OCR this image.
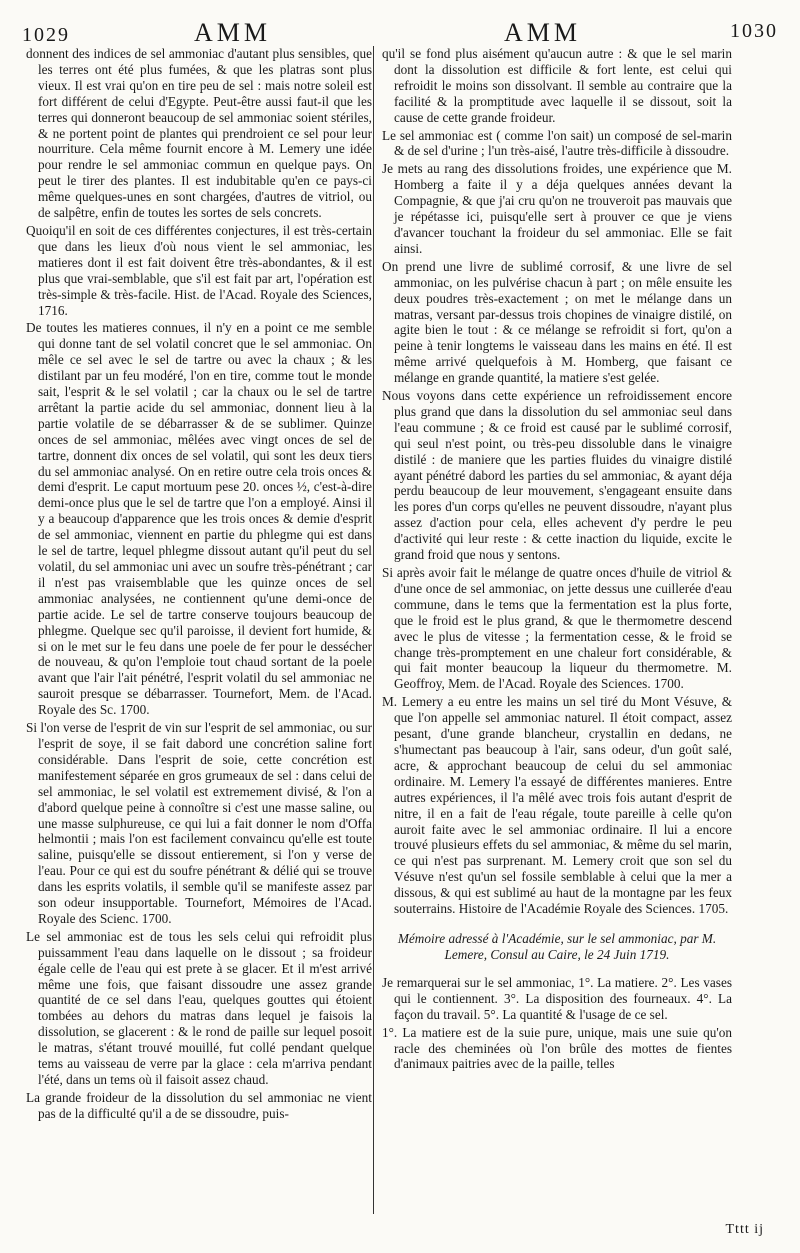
1029	AMM	AMM	1030

donnent des indices de sel ammoniac d'autant plus sensibles, que les terres ont été plus fumées, & que les platras sont plus vieux. Il est vrai qu'on en tire peu de sel : mais notre soleil est fort différent de celui d'Egypte. Peut-être aussi faut-il que les terres qui donneront beaucoup de sel ammoniac soient stériles, & ne portent point de plantes qui prendroient ce sel pour leur nourriture. Cela même fournit encore à M. Lemery une idée pour rendre le sel ammoniac commun en quelque pays. On peut le tirer des plantes. Il est indubitable qu'en ce pays-ci même quelques-unes en sont chargées, d'autres de vitriol, ou de salpêtre, enfin de toutes les sortes de sels concrets.

Quoiqu'il en soit de ces différentes conjectures, il est très-certain que dans les lieux d'où nous vient le sel ammoniac, les matieres dont il est fait doivent être très-abondantes, & il est plus que vrai-semblable, que s'il est fait par art, l'opération est très-simple & très-facile. Hist. de l'Acad. Royale des Sciences, 1716.

De toutes les matieres connues, il n'y en a point ce me semble qui donne tant de sel volatil concret que le sel ammoniac. On mêle ce sel avec le sel de tartre ou avec la chaux ; & les distilant par un feu modéré, l'on en tire, comme tout le monde sait, l'esprit & le sel volatil ; car la chaux ou le sel de tartre arrêtant la partie acide du sel ammoniac, donnent lieu à la partie volatile de se débarrasser & de se sublimer. Quinze onces de sel ammoniac, mêlées avec vingt onces de sel de tartre, donnent dix onces de sel volatil, qui sont les deux tiers du sel ammoniac analysé. On en retire outre cela trois onces & demi d'esprit. Le caput mortuum pese 20. onces ½, c'est-à-dire demi-once plus que le sel de tartre que l'on a employé. Ainsi il y a beaucoup d'apparence que les trois onces & demie d'esprit de sel ammoniac, viennent en partie du phlegme qui est dans le sel de tartre, lequel phlegme dissout autant qu'il peut du sel volatil, du sel ammoniac uni avec un soufre très-pénétrant ; car il n'est pas vraisemblable que les quinze onces de sel ammoniac analysées, ne contiennent qu'une demi-once de partie acide. Le sel de tartre conserve toujours beaucoup de phlegme. Quelque sec qu'il paroisse, il devient fort humide, & si on le met sur le feu dans une poele de fer pour le dessécher de nouveau, & qu'on l'emploie tout chaud sortant de la poele avant que l'air l'ait pénétré, l'esprit volatil du sel ammoniac ne sauroit presque se débarrasser. Tournefort, Mem. de l'Acad. Royale des Sc. 1700.

Si l'on verse de l'esprit de vin sur l'esprit de sel ammoniac, ou sur l'esprit de soye, il se fait dabord une concrétion saline fort considérable. Dans l'esprit de soie, cette concrétion est manifestement séparée en gros grumeaux de sel : dans celui de sel ammoniac, le sel volatil est extremement divisé, & l'on a d'abord quelque peine à connoître si c'est une masse saline, ou une masse sulphureuse, ce qui lui a fait donner le nom d'Offa helmontii ; mais l'on est facilement convaincu qu'elle est toute saline, puisqu'elle se dissout entierement, si l'on y verse de l'eau. Pour ce qui est du soufre pénétrant & délié qui se trouve dans les esprits volatils, il semble qu'il se manifeste assez par son odeur insupportable. Tournefort, Mémoires de l'Acad. Royale des Scienc. 1700.

Le sel ammoniac est de tous les sels celui qui refroidit plus puissamment l'eau dans laquelle on le dissout ; sa froideur égale celle de l'eau qui est prete à se glacer. Et il m'est arrivé même une fois, que faisant dissoudre une assez grande quantité de ce sel dans l'eau, quelques gouttes qui étoient tombées au dehors du matras dans lequel je faisois la dissolution, se glacerent : & le rond de paille sur lequel posoit le matras, s'étant trouvé mouillé, fut collé pendant quelque tems au vaisseau de verre par la glace : cela m'arriva pendant l'été, dans un tems où il faisoit assez chaud.

La grande froideur de la dissolution du sel ammoniac ne vient pas de la difficulté qu'il a de se dissoudre, puis-

qu'il se fond plus aisément qu'aucun autre : & que le sel marin dont la dissolution est difficile & fort lente, est celui qui refroidit le moins son dissolvant. Il semble au contraire que la facilité & la promptitude avec laquelle il se dissout, soit la cause de cette grande froideur.

Le sel ammoniac est ( comme l'on sait) un composé de sel-marin & de sel d'urine ; l'un très-aisé, l'autre très-difficile à dissoudre.

Je mets au rang des dissolutions froides, une expérience que M. Homberg a faite il y a déja quelques années devant la Compagnie, & que j'ai cru qu'on ne trouveroit pas mauvais que je répétasse ici, puisqu'elle sert à prouver ce que je viens d'avancer touchant la froideur du sel ammoniac. Elle se fait ainsi.

On prend une livre de sublimé corrosif, & une livre de sel ammoniac, on les pulvérise chacun à part ; on mêle ensuite les deux poudres très-exactement ; on met le mélange dans un matras, versant par-dessus trois chopines de vinaigre distilé, on agite bien le tout : & ce mélange se refroidit si fort, qu'on a peine à tenir longtems le vaisseau dans les mains en été. Il est même arrivé quelquefois à M. Homberg, que faisant ce mélange en grande quantité, la matiere s'est gelée.

Nous voyons dans cette expérience un refroidissement encore plus grand que dans la dissolution du sel ammoniac seul dans l'eau commune ; & ce froid est causé par le sublimé corrosif, qui seul n'est point, ou très-peu dissoluble dans le vinaigre distilé : de maniere que les parties fluides du vinaigre distilé ayant pénétré dabord les parties du sel ammoniac, & ayant déja perdu beaucoup de leur mouvement, s'engageant ensuite dans les pores d'un corps qu'elles ne peuvent dissoudre, n'ayant plus assez d'action pour cela, elles achevent d'y perdre le peu d'activité qui leur reste : & cette inaction du liquide, excite le grand froid que nous y sentons.

Si après avoir fait le mélange de quatre onces d'huile de vitriol & d'une once de sel ammoniac, on jette dessus une cuillerée d'eau commune, dans le tems que la fermentation est la plus forte, que le froid est le plus grand, & que le thermometre descend avec le plus de vitesse ; la fermentation cesse, & le froid se change très-promptement en une chaleur fort considérable, & qui fait monter beaucoup la liqueur du thermometre. M. Geoffroy, Mem. de l'Acad. Royale des Sciences. 1700.

M. Lemery a eu entre les mains un sel tiré du Mont Vésuve, & que l'on appelle sel ammoniac naturel. Il étoit compact, assez pesant, d'une grande blancheur, crystallin en dedans, ne s'humectant pas beaucoup à l'air, sans odeur, d'un goût salé, acre, & approchant beaucoup de celui du sel ammoniac ordinaire. M. Lemery l'a essayé de différentes manieres. Entre autres expériences, il l'a mêlé avec trois fois autant d'esprit de nitre, il en a fait de l'eau régale, toute pareille à celle qu'on auroit faite avec le sel ammoniac ordinaire. Il lui a encore trouvé plusieurs effets du sel ammoniac, & même du sel marin, ce qui n'est pas surprenant. M. Lemery croit que son sel du Vésuve n'est qu'un sel fossile semblable à celui que la mer a dissous, & qui est sublimé au haut de la montagne par les feux souterrains. Histoire de l'Académie Royale des Sciences. 1705.

Mémoire adressé à l'Académie, sur le sel ammoniac, par M. Lemere, Consul au Caire, le 24 Juin 1719.

Je remarquerai sur le sel ammoniac, 1°. La matiere. 2°. Les vases qui le contiennent. 3°. La disposition des fourneaux. 4°. La façon du travail. 5°. La quantité & l'usage de ce sel.

1°. La matiere est de la suie pure, unique, mais une suie qu'on racle des cheminées où l'on brûle des mottes de fientes d'animaux paitries avec de la paille, telles

Tttt ij
